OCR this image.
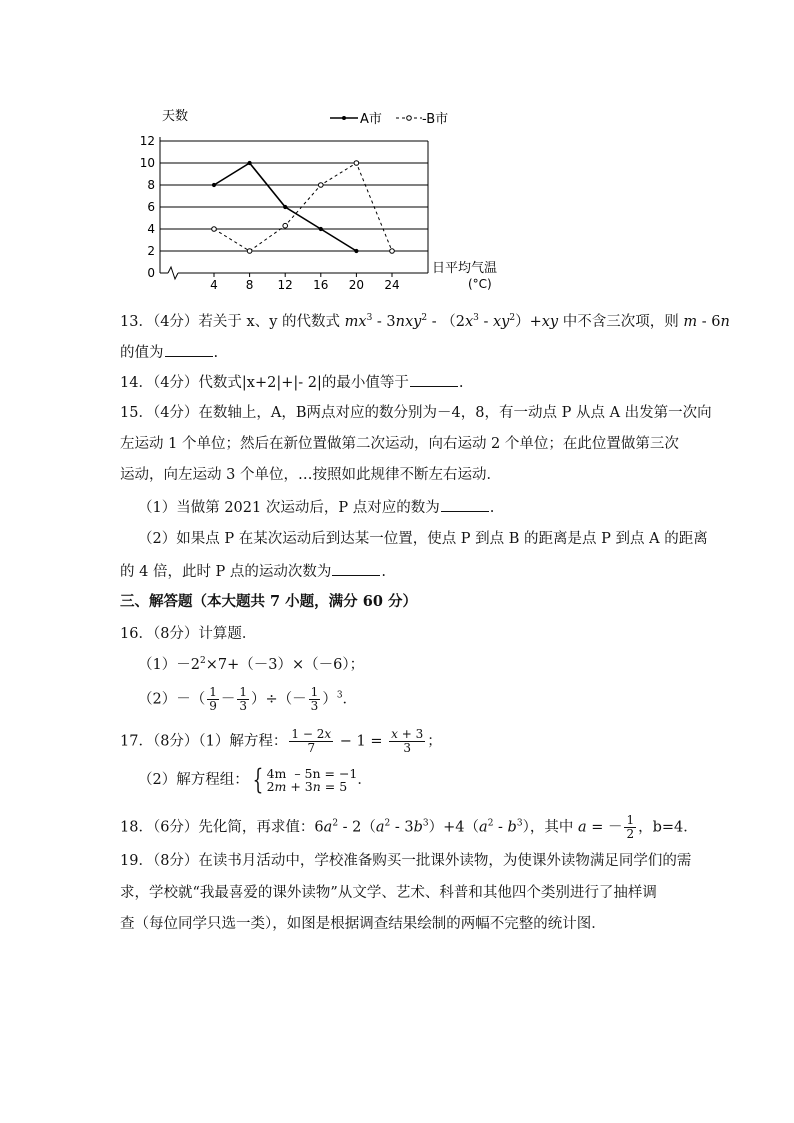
天数
0
2
4
6
8
10
12
4 8 12 16 20 24
日平均气温
(°C)
A市	-B市
13．（4分）若关于 x、y 的代数式 $mx^3 - 3nxy^2 - (2x^3 - xy^2)+xy$ 中不含三次项，则 m - 6n
的值为	.
14．（4分）代数式|x+2|+|- 2|的最小值等于	.
15．（4分）在数轴上，A，B两点对应的数分别为－4，8，有一动点 P 从点 A 出发第一次向
左运动 1 个单位；然后在新位置做第二次运动，向右运动 2 个单位；在此位置做第三次
运动，向左运动 3 个单位，…按照如此规律不断左右运动．
（1）当做第 2021 次运动后，P 点对应的数为	.
（2）如果点 P 在某次运动后到达某一位置，使点 P 到点 B 的距离是点 P 到点 A 的距离
的 4 倍，此时 P 点的运动次数为	.
三、解答题（本大题共 7 小题，满分 60 分）
16．（8分）计算题．
$(1)-2^2\times 7+(-3)\times(-6)$；
$(2)-( \frac{1}{9} - \frac{1}{3}$ ）÷（－ $\frac{1}{3} )^3$．
17．（8分）（1）解方程： $\frac{1 - 2x}{7} - 1 = \frac{x + 3}{3}$ ；
（2）解方程组： { 4m  – 5n = −1
2m + 3n = 5 ．
18．（6分）先化简，再求值：$6a^2 - 2(a^2 - 3b^3)+4(a^2 - b^3)$，其中 a = － $\frac{1}{2}$ ，b=4．
19．（8分）在读书月活动中，学校准备购买一批课外读物，为使课外读物满足同学们的需
求，学校就“我最喜爱的课外读物”从文学、艺术、科普和其他四个类别进行了抽样调
查（每位同学只选一类），如图是根据调查结果绘制的两幅不完整的统计图．
